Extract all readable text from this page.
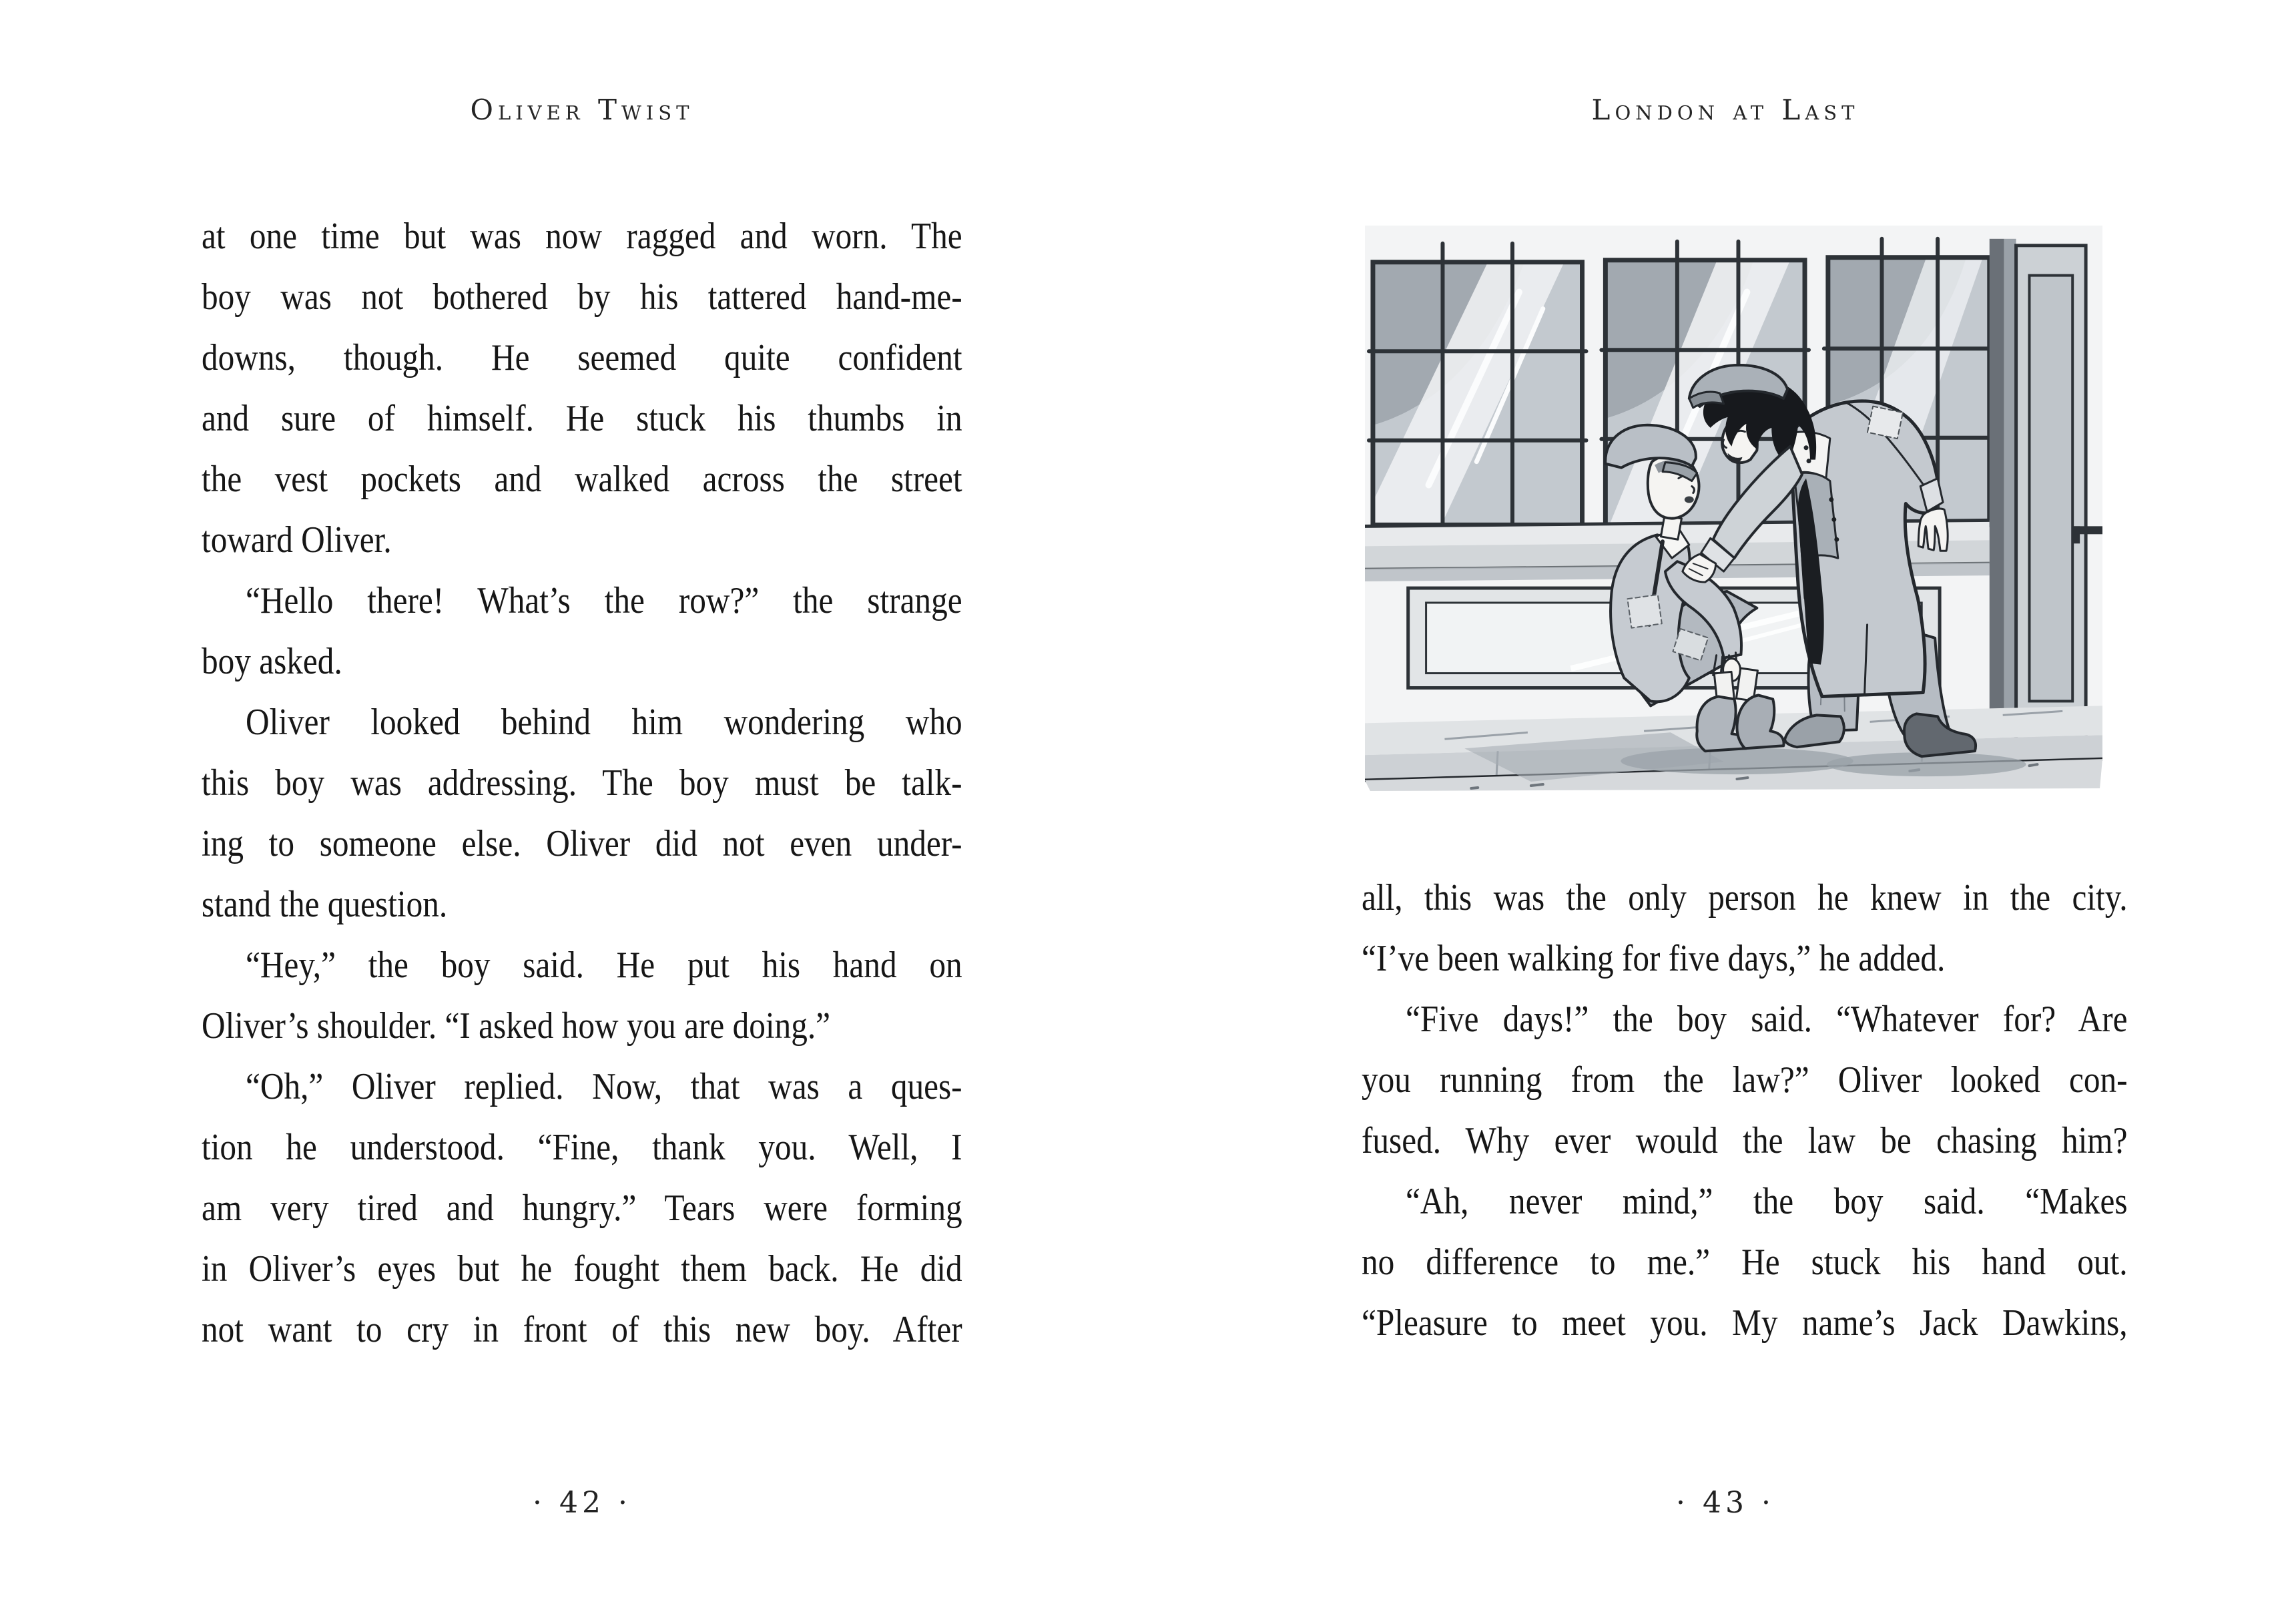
Oliver Twist
at one time but was now ragged and worn. The
boy was not bothered by his tattered hand-me-
downs, though. He seemed quite confident
and sure of himself. He stuck his thumbs in
the vest pockets and walked across the street
toward Oliver.
“Hello there! What’s the row?” the strange
boy asked.
Oliver looked behind him wondering who
this boy was addressing. The boy must be talk-
ing to someone else. Oliver did not even under-
stand the question.
“Hey,” the boy said. He put his hand on
Oliver’s shoulder. “I asked how you are doing.”
“Oh,” Oliver replied. Now, that was a ques-
tion he understood. “Fine, thank you. Well, I
am very tired and hungry.” Tears were forming
in Oliver’s eyes but he fought them back. He did
not want to cry in front of this new boy. After
· 42 ·
London at Last
all, this was the only person he knew in the city.
“I’ve been walking for five days,” he added.
“Five days!” the boy said. “Whatever for? Are
you running from the law?” Oliver looked con-
fused. Why ever would the law be chasing him?
“Ah, never mind,” the boy said. “Makes
no difference to me.” He stuck his hand out.
“Pleasure to meet you. My name’s Jack Dawkins,
· 43 ·
